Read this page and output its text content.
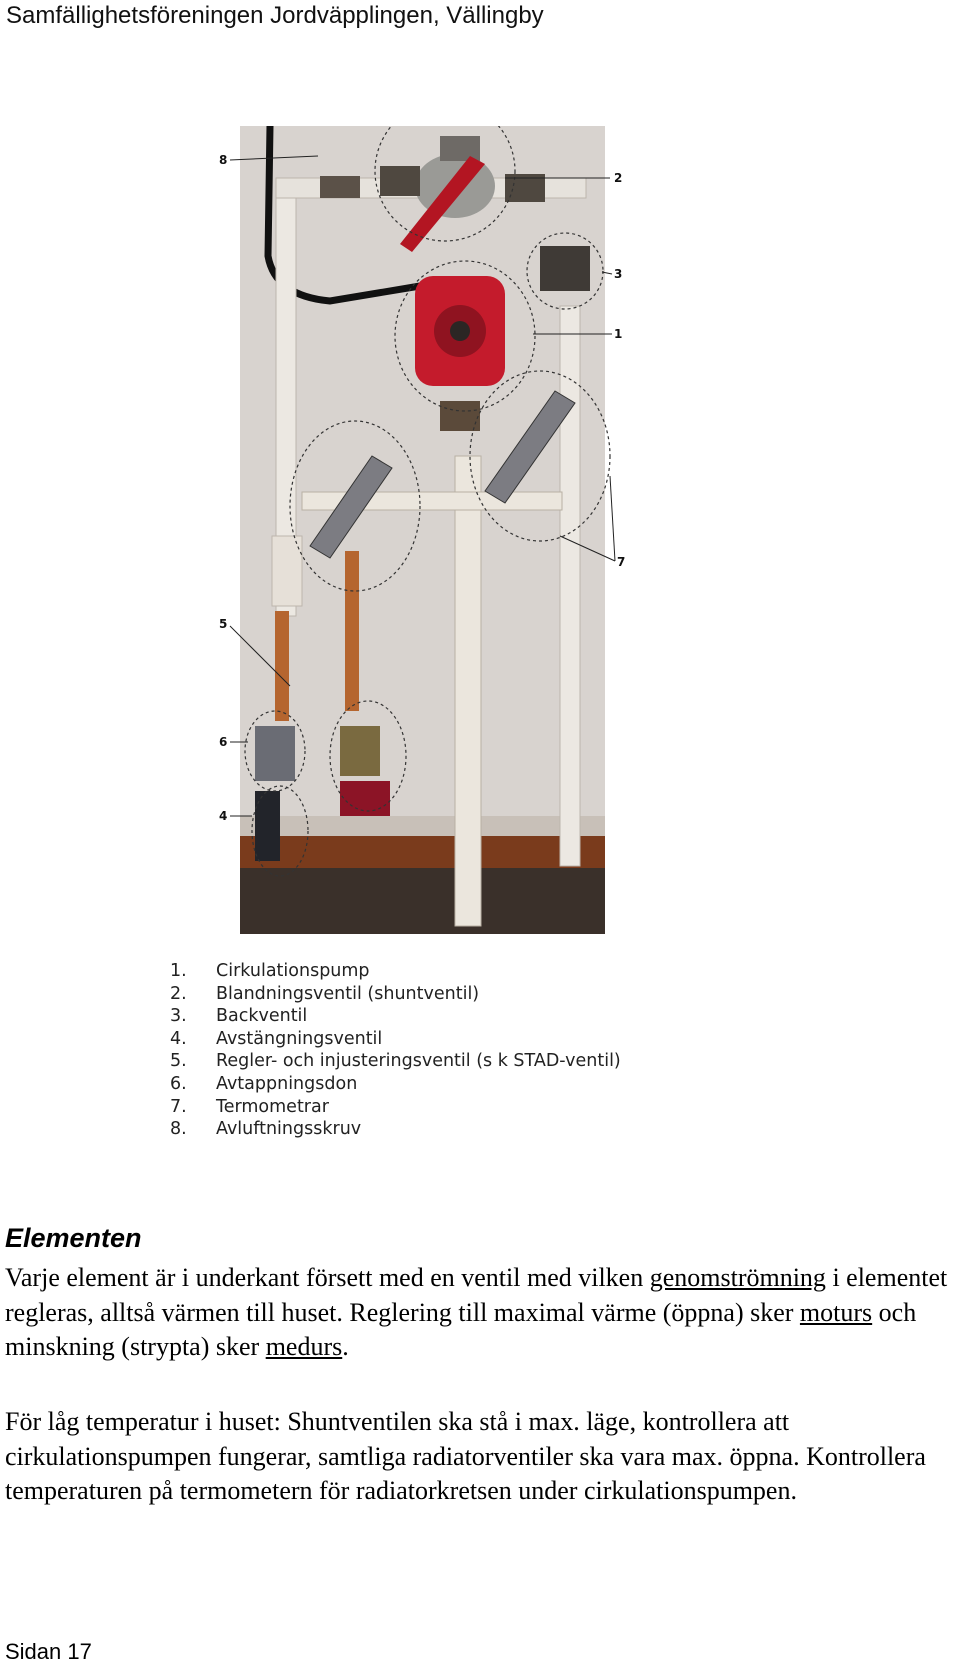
Samfällighetsföreningen Jordväpplingen, Vällingby
8
2
3
1
7
5
6
4
1. Cirkulationspump
2. Blandningsventil (shuntventil)
3. Backventil
4. Avstängningsventil
5. Regler- och injusteringsventil (s k STAD-ventil)
6. Avtappningsdon
7. Termometrar
8. Avluftningsskruv
Elementen
Varje element är i underkant försett med en ventil med vilken genomströmning i elementet regleras, alltså värmen till huset. Reglering till maximal värme (öppna) sker moturs och minskning (strypta) sker medurs.
För låg temperatur i huset: Shuntventilen ska stå i max. läge, kontrollera att cirkulationspumpen fungerar, samtliga radiatorventiler ska vara max. öppna. Kontrollera temperaturen på termometern för radiatorkretsen under cirkulationspumpen.
Sidan 17
